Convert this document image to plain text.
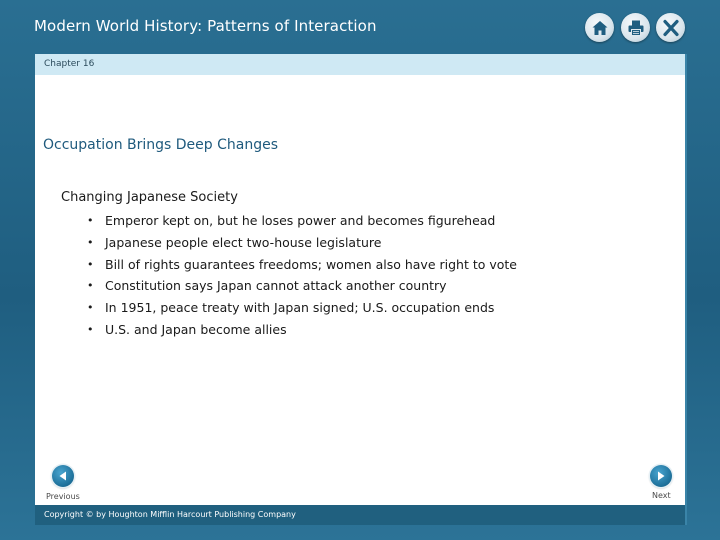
Modern World History: Patterns of Interaction
Chapter 16
Occupation Brings Deep Changes
Changing Japanese Society
• Emperor kept on, but he loses power and becomes figurehead
• Japanese people elect two-house legislature
• Bill of rights guarantees freedoms; women also have right to vote
• Constitution says Japan cannot attack another country
• In 1951, peace treaty with Japan signed; U.S. occupation ends
• U.S. and Japan become allies
Previous	Next
Copyright © by Houghton Mifflin Harcourt Publishing Company
